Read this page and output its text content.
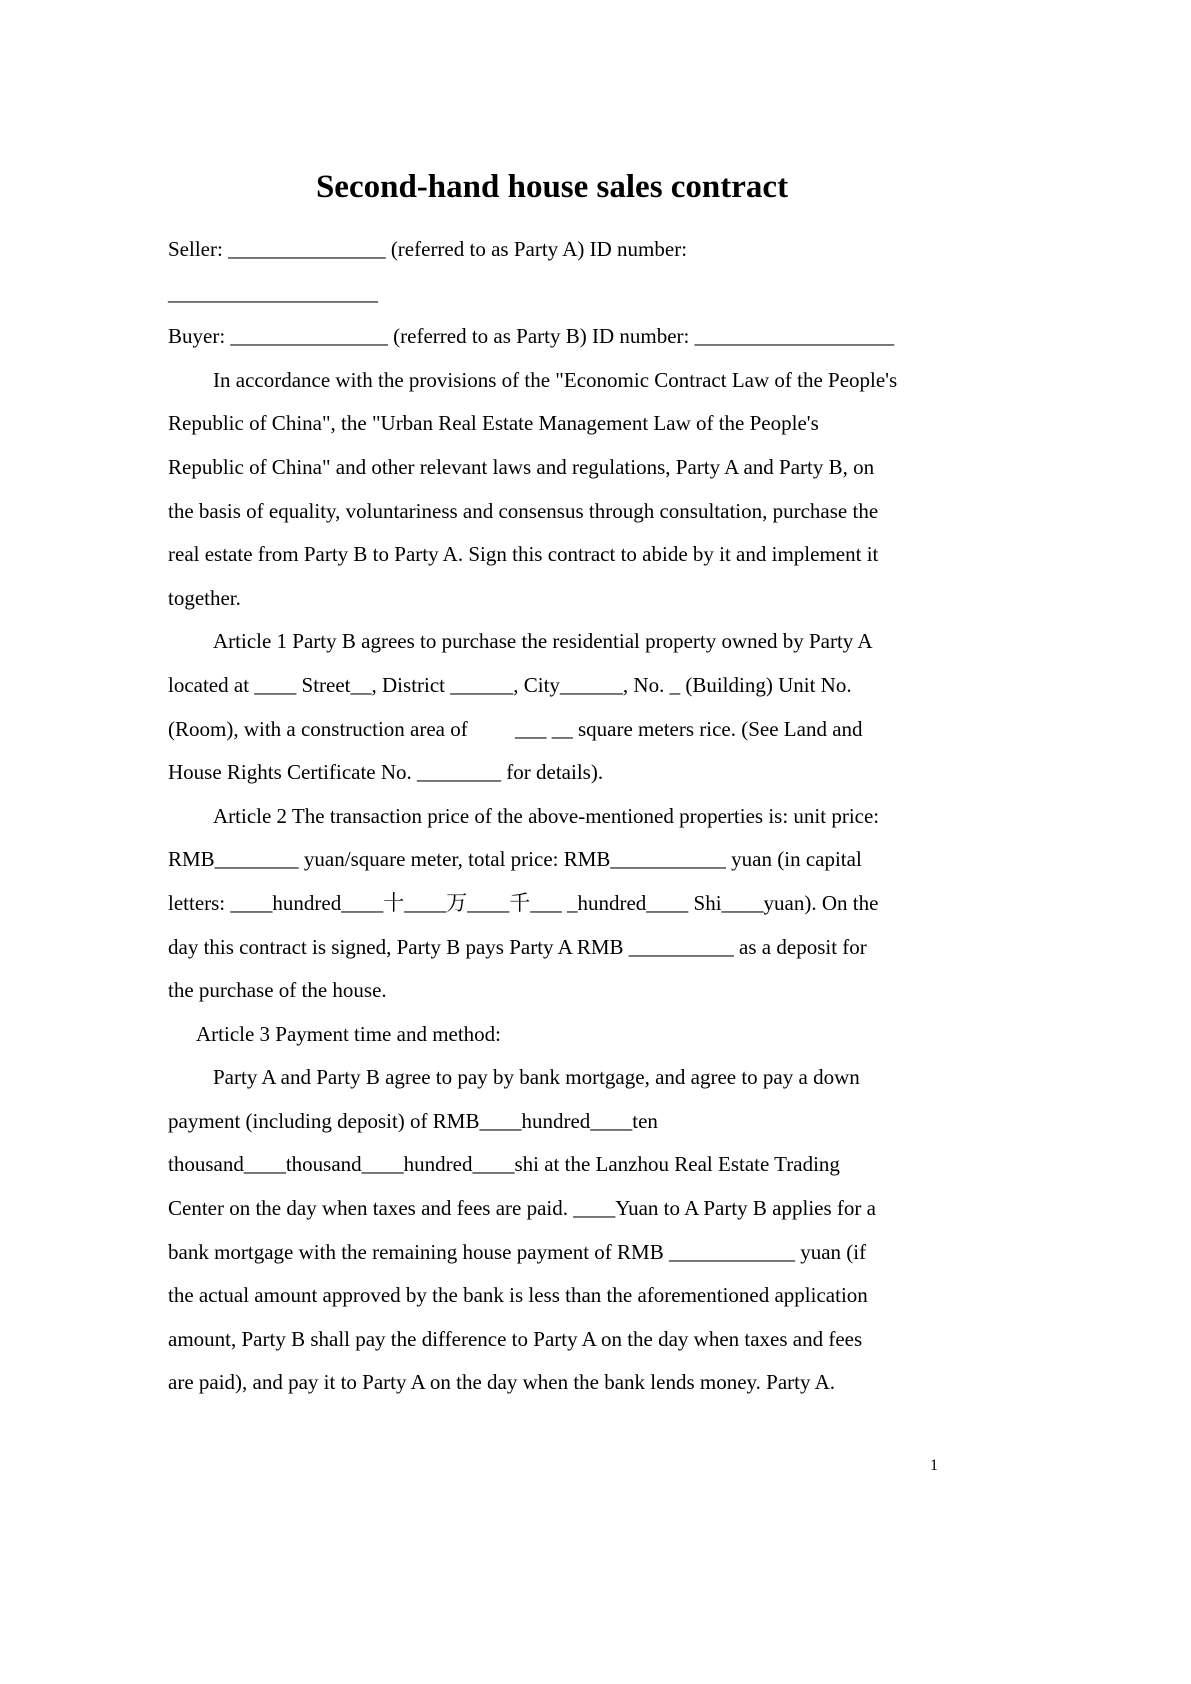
Second-hand house sales contract
Seller: _______________ (referred to as Party A) ID number:
____________________
Buyer: _______________ (referred to as Party B) ID number: ___________________
In accordance with the provisions of the "Economic Contract Law of the People's
Republic of China", the "Urban Real Estate Management Law of the People's
Republic of China" and other relevant laws and regulations, Party A and Party B, on
the basis of equality, voluntariness and consensus through consultation, purchase the
real estate from Party B to Party A. Sign this contract to abide by it and implement it
together.
Article 1 Party B agrees to purchase the residential property owned by Party A
located at ____ Street__, District ______, City______, No. _ (Building) Unit No.
(Room), with a construction area of         ___ __ square meters rice. (See Land and
House Rights Certificate No. ________ for details).
Article 2 The transaction price of the above-mentioned properties is: unit price:
RMB________ yuan/square meter, total price: RMB___________ yuan (in capital
letters: ____hundred____十____万____千___ _hundred____ Shi____yuan). On the
day this contract is signed, Party B pays Party A RMB __________ as a deposit for
the purchase of the house.
Article 3 Payment time and method:
Party A and Party B agree to pay by bank mortgage, and agree to pay a down
payment (including deposit) of RMB____hundred____ten
thousand____thousand____hundred____shi at the Lanzhou Real Estate Trading
Center on the day when taxes and fees are paid. ____Yuan to A Party B applies for a
bank mortgage with the remaining house payment of RMB ____________ yuan (if
the actual amount approved by the bank is less than the aforementioned application
amount, Party B shall pay the difference to Party A on the day when taxes and fees
are paid), and pay it to Party A on the day when the bank lends money. Party A.
1
